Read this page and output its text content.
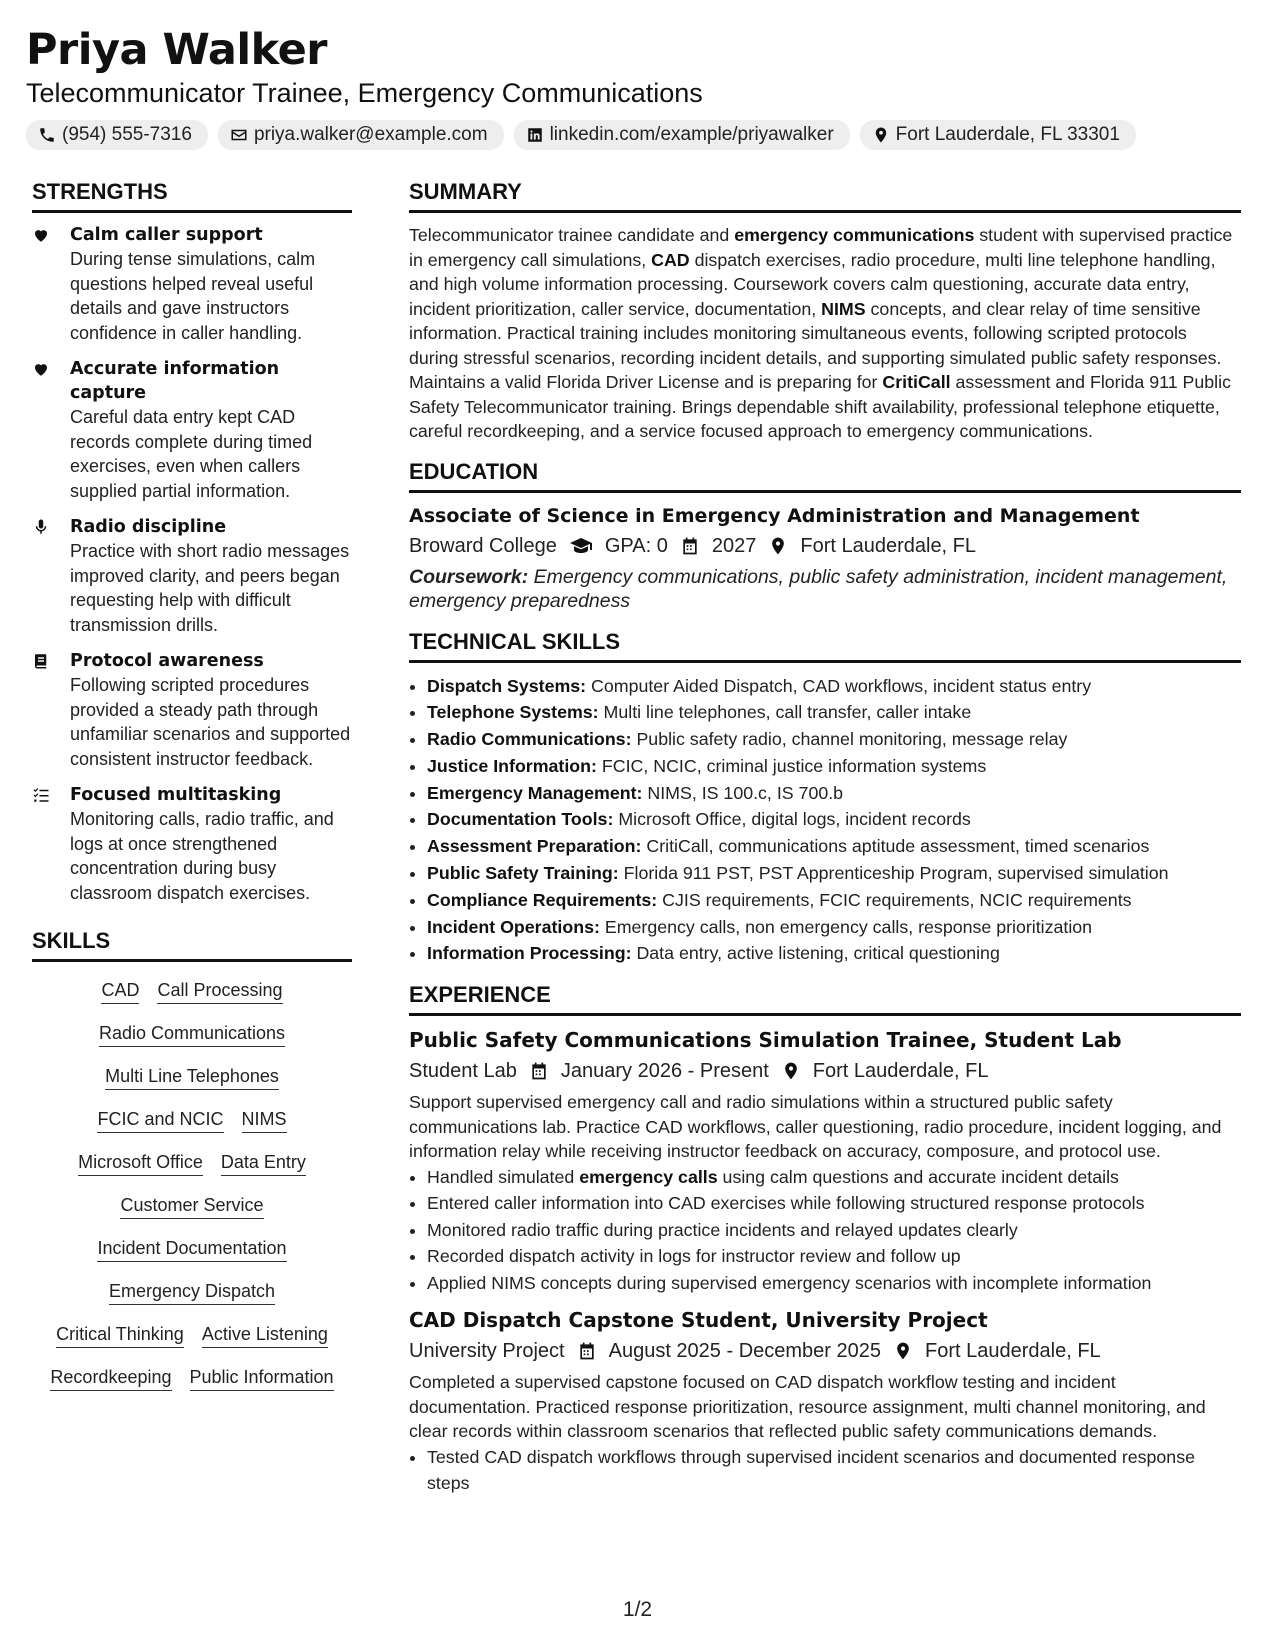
Priya Walker
Telecommunicator Trainee, Emergency Communications
(954) 555-7316	priya.walker@example.com	linkedin.com/example/priyawalker	Fort Lauderdale, FL 33301
STRENGTHS
Calm caller support
During tense simulations, calm questions helped reveal useful details and gave instructors confidence in caller handling.
Accurate information capture
Careful data entry kept CAD records complete during timed exercises, even when callers supplied partial information.
Radio discipline
Practice with short radio messages improved clarity, and peers began requesting help with difficult transmission drills.
Protocol awareness
Following scripted procedures provided a steady path through unfamiliar scenarios and supported consistent instructor feedback.
Focused multitasking
Monitoring calls, radio traffic, and logs at once strengthened concentration during busy classroom dispatch exercises.
SKILLS
CAD Call Processing
Radio Communications
Multi Line Telephones
FCIC and NCIC NIMS
Microsoft Office Data Entry
Customer Service
Incident Documentation
Emergency Dispatch
Critical Thinking Active Listening
Recordkeeping Public Information
SUMMARY
Telecommunicator trainee candidate and emergency communications student with supervised practice in emergency call simulations, CAD dispatch exercises, radio procedure, multi line telephone handling, and high volume information processing. Coursework covers calm questioning, accurate data entry, incident prioritization, caller service, documentation, NIMS concepts, and clear relay of time sensitive information. Practical training includes monitoring simultaneous events, following scripted protocols during stressful scenarios, recording incident details, and supporting simulated public safety responses. Maintains a valid Florida Driver License and is preparing for CritiCall assessment and Florida 911 Public Safety Telecommunicator training. Brings dependable shift availability, professional telephone etiquette, careful recordkeeping, and a service focused approach to emergency communications.
EDUCATION
Associate of Science in Emergency Administration and Management
Broward College GPA: 0 2027 Fort Lauderdale, FL
Coursework: Emergency communications, public safety administration, incident management, emergency preparedness
TECHNICAL SKILLS
• Dispatch Systems: Computer Aided Dispatch, CAD workflows, incident status entry
• Telephone Systems: Multi line telephones, call transfer, caller intake
• Radio Communications: Public safety radio, channel monitoring, message relay
• Justice Information: FCIC, NCIC, criminal justice information systems
• Emergency Management: NIMS, IS 100.c, IS 700.b
• Documentation Tools: Microsoft Office, digital logs, incident records
• Assessment Preparation: CritiCall, communications aptitude assessment, timed scenarios
• Public Safety Training: Florida 911 PST, PST Apprenticeship Program, supervised simulation
• Compliance Requirements: CJIS requirements, FCIC requirements, NCIC requirements
• Incident Operations: Emergency calls, non emergency calls, response prioritization
• Information Processing: Data entry, active listening, critical questioning
EXPERIENCE
Public Safety Communications Simulation Trainee, Student Lab
Student Lab January 2026 - Present Fort Lauderdale, FL
Support supervised emergency call and radio simulations within a structured public safety communications lab. Practice CAD workflows, caller questioning, radio procedure, incident logging, and information relay while receiving instructor feedback on accuracy, composure, and protocol use.
• Handled simulated emergency calls using calm questions and accurate incident details
• Entered caller information into CAD exercises while following structured response protocols
• Monitored radio traffic during practice incidents and relayed updates clearly
• Recorded dispatch activity in logs for instructor review and follow up
• Applied NIMS concepts during supervised emergency scenarios with incomplete information
CAD Dispatch Capstone Student, University Project
University Project August 2025 - December 2025 Fort Lauderdale, FL
Completed a supervised capstone focused on CAD dispatch workflow testing and incident documentation. Practiced response prioritization, resource assignment, multi channel monitoring, and clear records within classroom scenarios that reflected public safety communications demands.
• Tested CAD dispatch workflows through supervised incident scenarios and documented response steps
1/2
